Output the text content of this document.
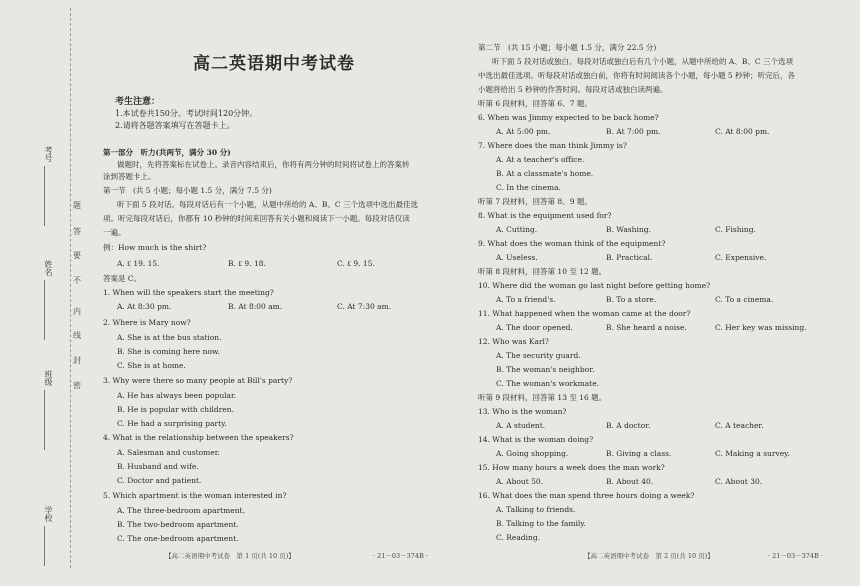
考号
姓名
班级
学校
题
答
要
不
内
线
封
密
高二英语期中考试卷
考生注意：
1.本试卷共150分。考试时间120分钟。
2.请将各题答案填写在答题卡上。
第一部分　听力(共两节，满分 30 分)
做题时，先将答案标在试卷上。录音内容结束后，你将有两分钟的时间将试卷上的答案转
涂到答题卡上。
第一节　(共 5 小题；每小题 1.5 分，满分 7.5 分)
听下面 5 段对话。每段对话后有一个小题，从题中所给的 A、B、C 三个选项中选出最佳选
项。听完每段对话后，你都有 10 秒钟的时间来回答有关小题和阅读下一小题。每段对话仅读
一遍。
例：How much is the shirt?
A. ₤ 19. 15.	B. ₤ 9. 18.	C. ₤ 9. 15.
答案是 C。
1. When will the speakers start the meeting?
A. At 8:30 pm.	B. At 8:00 am.	C. At 7:30 am.
2. Where is Mary now?
A. She is at the bus station.
B. She is coming here now.
C. She is at home.
3. Why were there so many people at Bill's party?
A. He has always been popular.
B. He is popular with children.
C. He had a surprising party.
4. What is the relationship between the speakers?
A. Salesman and customer.
B. Husband and wife.
C. Doctor and patient.
5. Which apartment is the woman interested in?
A. The three-bedroom apartment.
B. The two-bedroom apartment.
C. The one-bedroom apartment.
【高二英语期中考试卷　第 1 页(共 10 页)】	· 21－03－374B ·
第二节　(共 15 小题；每小题 1.5 分，满分 22.5 分)
听下面 5 段对话或独白。每段对话或独白后有几个小题，从题中所给的 A、B、C 三个选项
中选出最佳选项。听每段对话或独白前，你将有时间阅读各个小题，每小题 5 秒钟；听完后，各
小题将给出 5 秒钟的作答时间。每段对话或独白读两遍。
听第 6 段材料，回答第 6、7 题。
6. When was Jimmy expected to be back home?
A. At 5:00 pm.	B. At 7:00 pm.	C. At 8:00 pm.
7. Where does the man think Jimmy is?
A. At a teacher's office.
B. At a classmate's home.
C. In the cinema.
听第 7 段材料，回答第 8、9 题。
8. What is the equipment used for?
A. Cutting.	B. Washing.	C. Fishing.
9. What does the woman think of the equipment?
A. Useless.	B. Practical.	C. Expensive.
听第 8 段材料，回答第 10 至 12 题。
10. Where did the woman go last night before getting home?
A. To a friend's.	B. To a store.	C. To a cinema.
11. What happened when the woman came at the door?
A. The door opened.	B. She heard a noise.	C. Her key was missing.
12. Who was Karl?
A. The security guard.
B. The woman's neighbor.
C. The woman's workmate.
听第 9 段材料，回答第 13 至 16 题。
13. Who is the woman?
A. A student.	B. A doctor.	C. A teacher.
14. What is the woman doing?
A. Going shopping.	B. Giving a class.	C. Making a survey.
15. How many hours a week does the man work?
A. About 50.	B. About 40.	C. About 30.
16. What does the man spend three hours doing a week?
A. Talking to friends.
B. Talking to the family.
C. Reading.
【高二英语期中考试卷　第 2 页(共 10 页)】	· 21－03－374B ·
